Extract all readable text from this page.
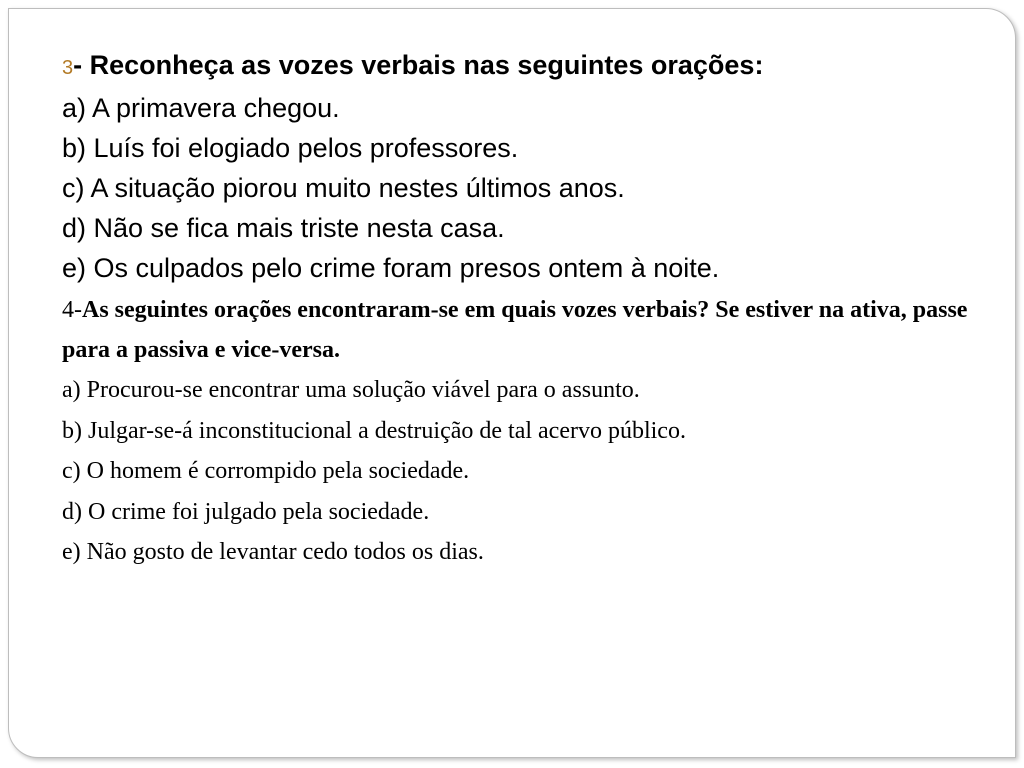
3- Reconheça as vozes verbais nas seguintes orações:
a) A primavera chegou.
b) Luís foi elogiado pelos professores.
c) A situação piorou muito nestes últimos anos.
d) Não se fica mais triste nesta casa.
e) Os culpados pelo crime foram presos ontem à noite.
4-As seguintes orações encontraram-se em quais vozes verbais? Se estiver na ativa, passe para a passiva e vice-versa.
a) Procurou-se encontrar uma solução viável para o assunto.
b) Julgar-se-á inconstitucional a destruição de tal acervo público.
c) O homem é corrompido pela sociedade.
d) O crime foi julgado pela sociedade.
e) Não gosto de levantar cedo todos os dias.
